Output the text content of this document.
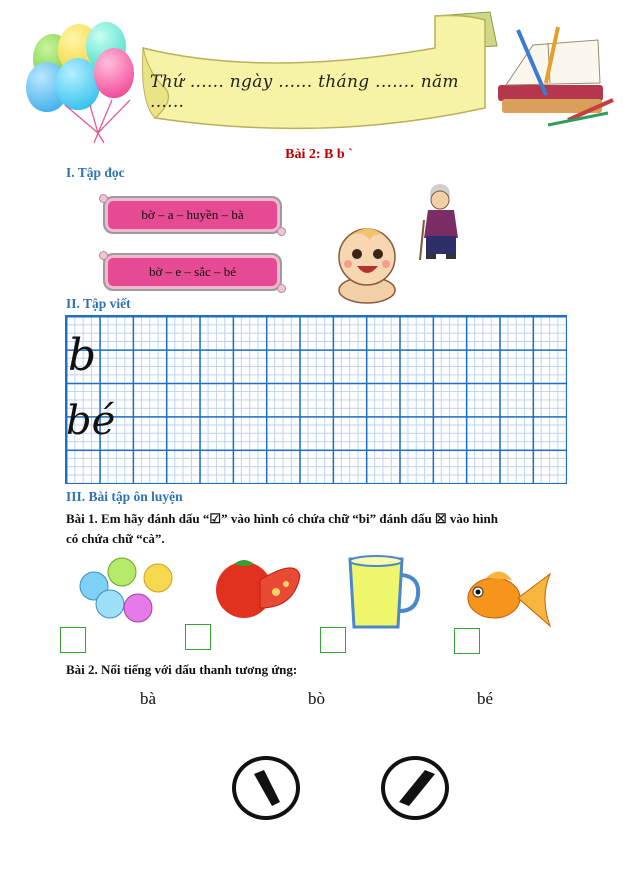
Thứ ...... ngày ...... tháng ....... năm ......
Bài 2: B b `
I. Tập đọc
bờ – a – huyền – bà
bờ – e – sắc – bé
II. Tập viết
b
bé
III. Bài tập ôn luyện
Bài 1. Em hãy đánh dấu “☑” vào hình có chứa chữ “bi” đánh dấu ☒ vào hình
có chứa chữ “cà”.
Bài 2. Nối tiếng với dấu thanh tương ứng:
bà	bò	bé
